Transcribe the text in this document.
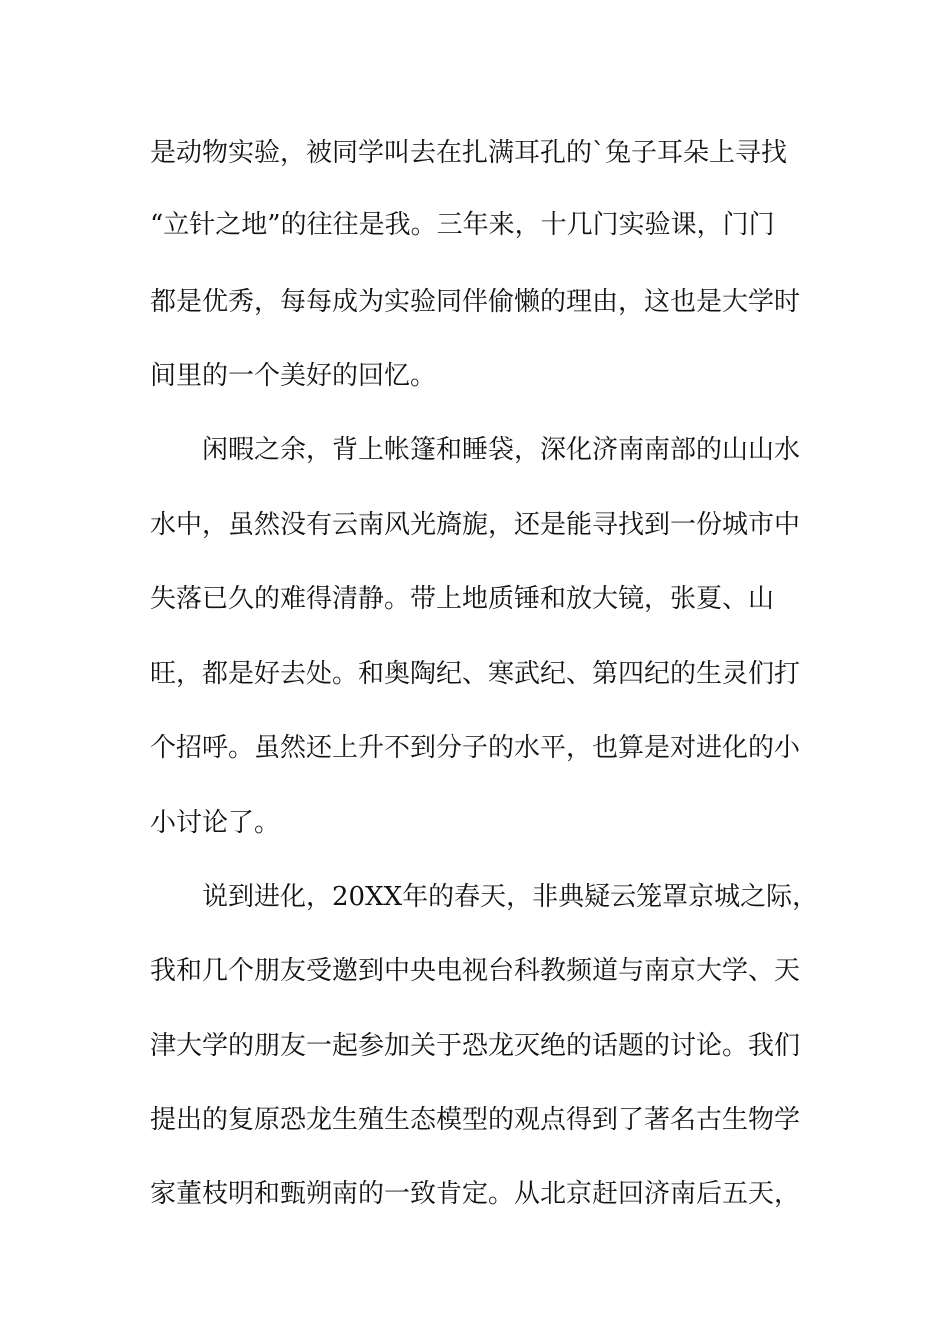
是动物实验，被同学叫去在扎满耳孔的`兔子耳朵上寻找
“立针之地”的往往是我。三年来，十几门实验课，门门
都是优秀，每每成为实验同伴偷懒的理由，这也是大学时
间里的一个美好的回忆。
闲暇之余，背上帐篷和睡袋，深化济南南部的山山水
水中，虽然没有云南风光旖旎，还是能寻找到一份城市中
失落已久的难得清静。带上地质锤和放大镜，张夏、山
旺，都是好去处。和奥陶纪、寒武纪、第四纪的生灵们打
个招呼。虽然还上升不到分子的水平，也算是对进化的小
小讨论了。
说到进化，20XX年的春天，非典疑云笼罩京城之际，
我和几个朋友受邀到中央电视台科教频道与南京大学、天
津大学的朋友一起参加关于恐龙灭绝的话题的讨论。我们
提出的复原恐龙生殖生态模型的观点得到了著名古生物学
家董枝明和甄朔南的一致肯定。从北京赶回济南后五天，
